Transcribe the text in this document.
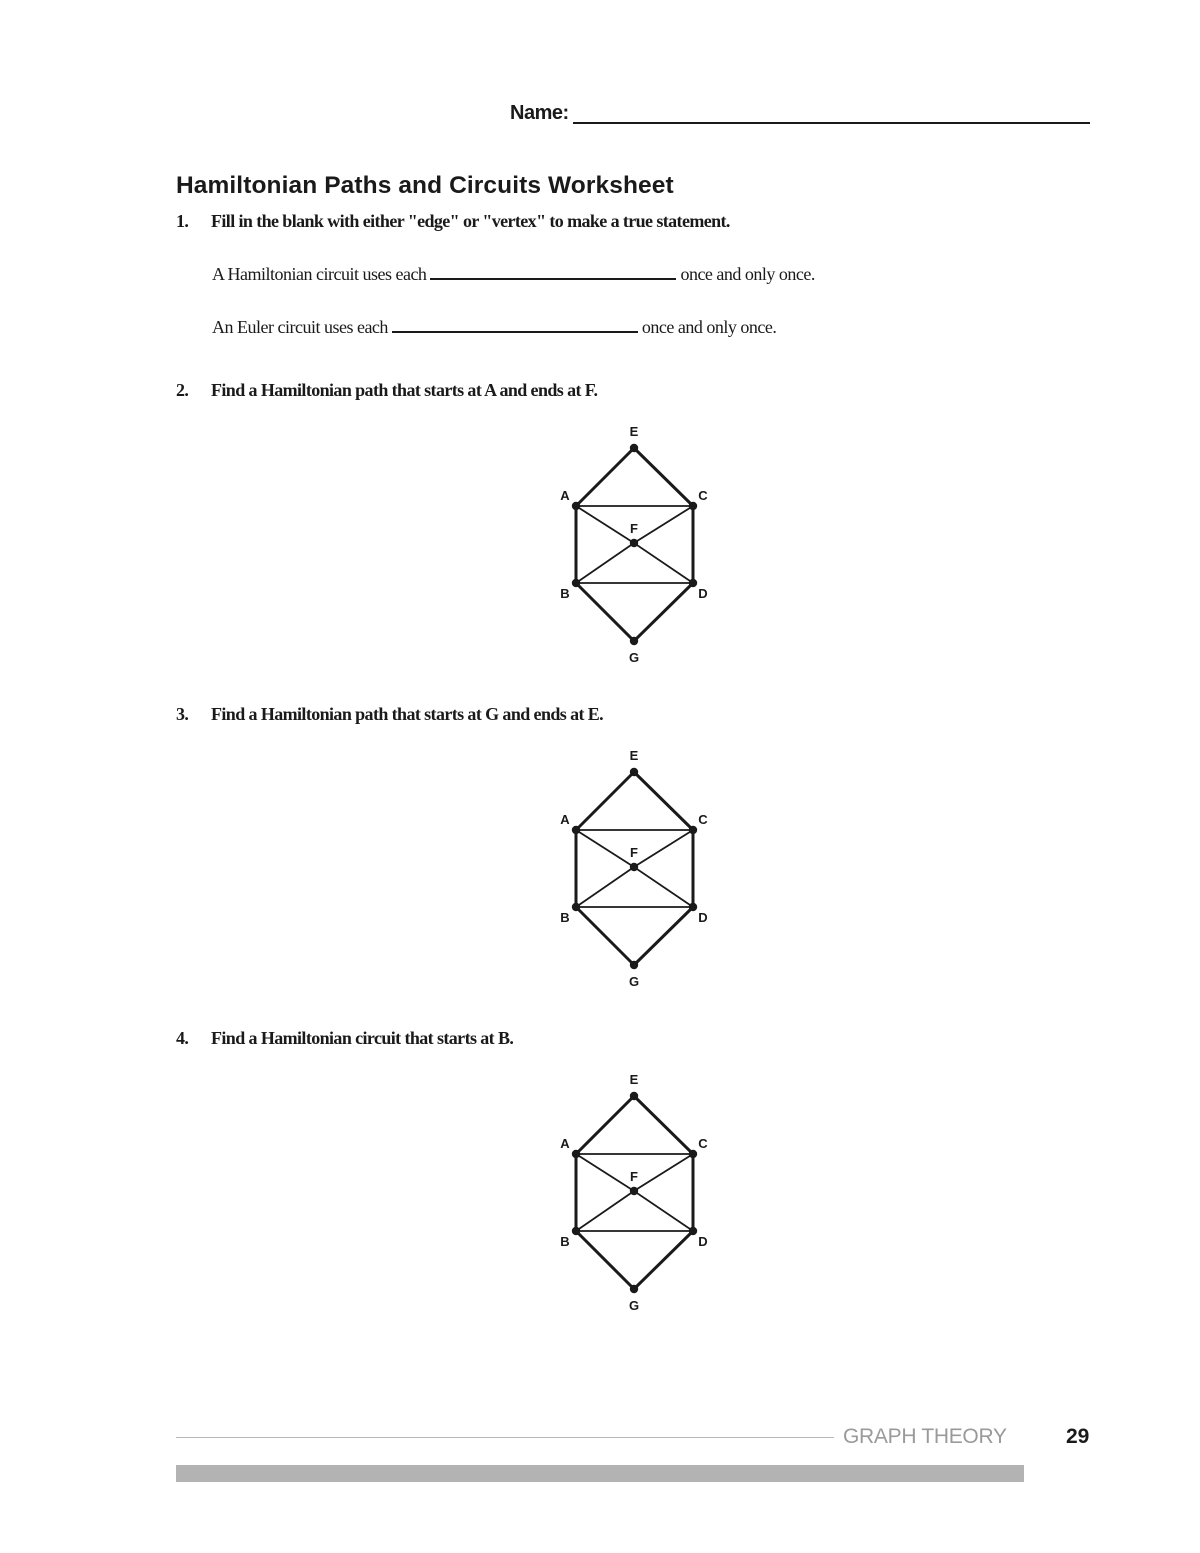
Name:
Hamiltonian Paths and Circuits Worksheet
1. Fill in the blank with either "edge" or "vertex" to make a true statement.
A Hamiltonian circuit uses each	once and only once.
An Euler circuit uses each	once and only once.
2. Find a Hamiltonian path that starts at A and ends at F.
E
A	C
F
B	D
G
3. Find a Hamiltonian path that starts at G and ends at E.
E
A	C
F
B	D
G
4. Find a Hamiltonian circuit that starts at B.
E
A	C
F
B	D
G
GRAPH THEORY	29
